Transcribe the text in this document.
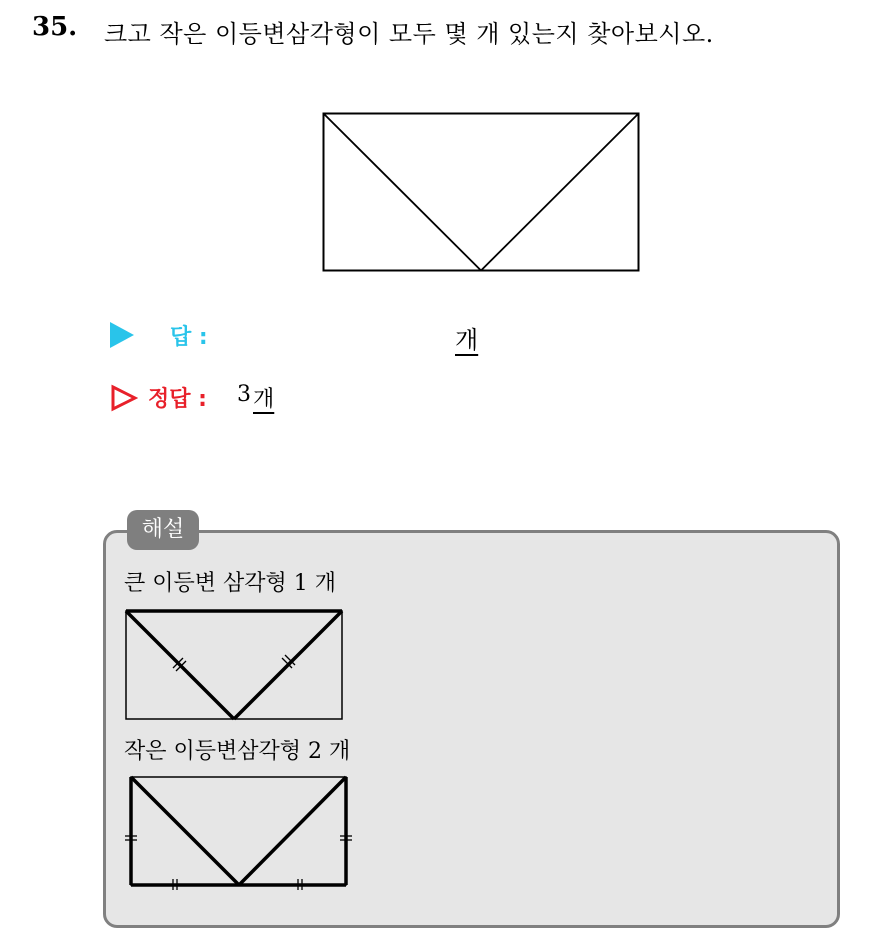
35. 크고 작은 이등변삼각형이 모두 몇 개 있는지 찾아보시오.
답 :	개
정답 : 3 개
해설
큰 이등변 삼각형 1 개
작은 이등변삼각형 2 개
